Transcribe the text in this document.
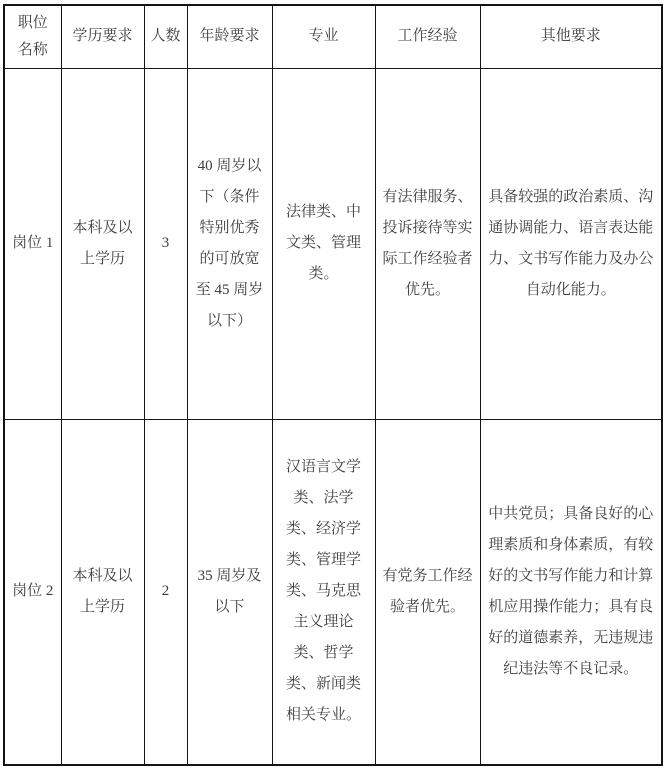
职位名称	学历要求	人数	年龄要求	专业	工作经验	其他要求
岗位 1	本科及以上学历	3	40 周岁以下（条件特别优秀的可放宽至 45 周岁以下）	法律类、中文类、管理类。	有法律服务、投诉接待等实际工作经验者优先。	具备较强的政治素质、沟通协调能力、语言表达能力、文书写作能力及办公自动化能力。
岗位 2	本科及以上学历	2	35 周岁及以下	汉语言文学类、法学类、经济学类、管理学类、马克思主义理论类、哲学类、新闻类相关专业。	有党务工作经验者优先。	中共党员；具备良好的心理素质和身体素质，有较好的文书写作能力和计算机应用操作能力；具有良好的道德素养，无违规违纪违法等不良记录。
